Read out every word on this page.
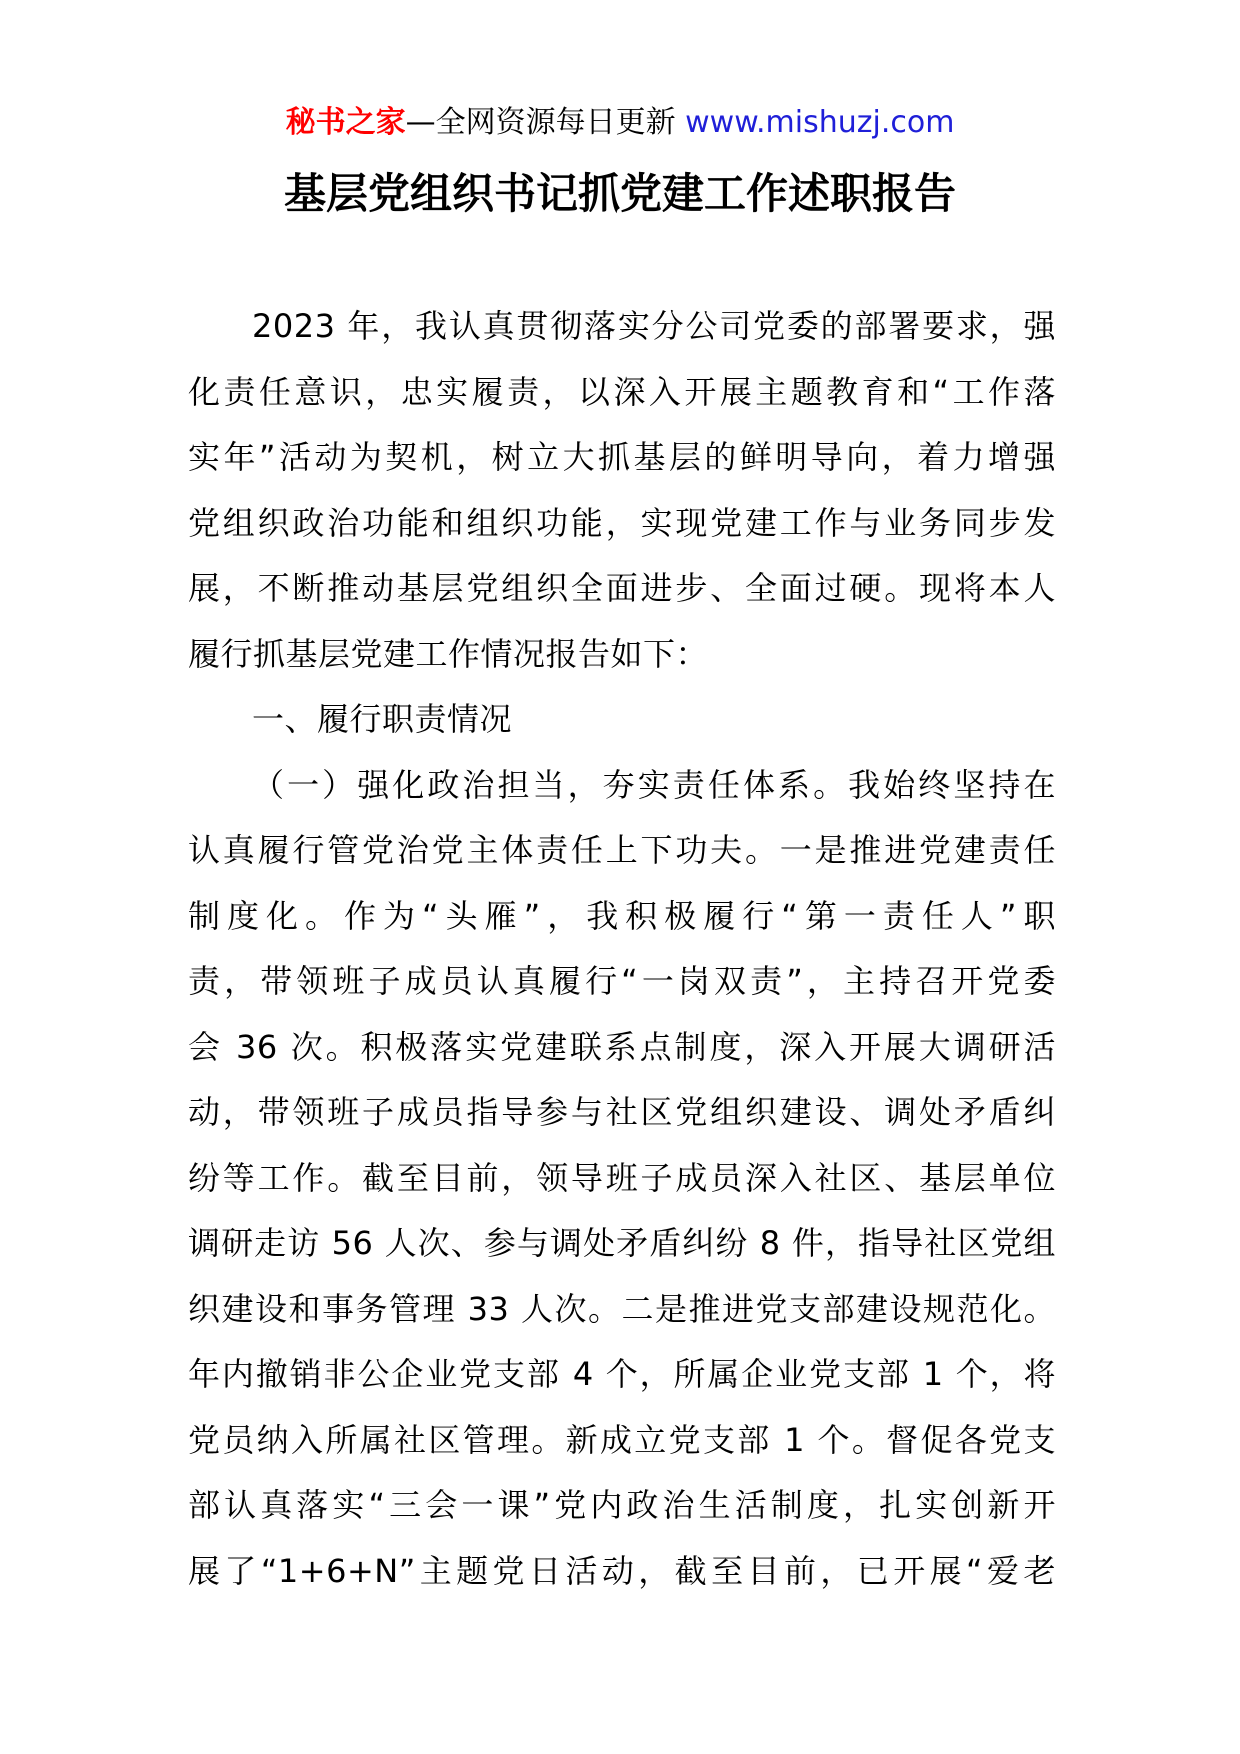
秘书之家—全网资源每日更新 www.mishuzj.com
基层党组织书记抓党建工作述职报告
2023 年，我认真贯彻落实分公司党委的部署要求，强
化责任意识，忠实履责，以深入开展主题教育和“工作落
实年”活动为契机，树立大抓基层的鲜明导向，着力增强
党组织政治功能和组织功能，实现党建工作与业务同步发
展，不断推动基层党组织全面进步、全面过硬。现将本人
履行抓基层党建工作情况报告如下：
一、履行职责情况
（一）强化政治担当，夯实责任体系。我始终坚持在
认真履行管党治党主体责任上下功夫。一是推进党建责任
制度化。作为“头雁”，我积极履行“第一责任人”职
责，带领班子成员认真履行“一岗双责”，主持召开党委
会 36 次。积极落实党建联系点制度，深入开展大调研活
动，带领班子成员指导参与社区党组织建设、调处矛盾纠
纷等工作。截至目前，领导班子成员深入社区、基层单位
调研走访 56 人次、参与调处矛盾纠纷 8 件，指导社区党组
织建设和事务管理 33 人次。二是推进党支部建设规范化。
年内撤销非公企业党支部 4 个，所属企业党支部 1 个，将
党员纳入所属社区管理。新成立党支部 1 个。督促各党支
部认真落实“三会一课”党内政治生活制度，扎实创新开
展了“1+6+N”主题党日活动，截至目前，已开展“爱老
